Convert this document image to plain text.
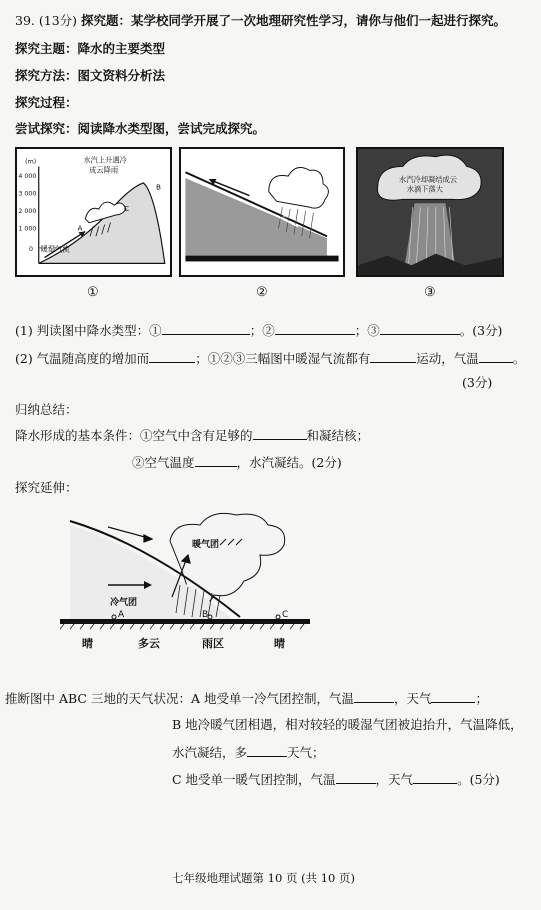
39. (13分) 探究题：某学校同学开展了一次地理研究性学习，请你与他们一起进行探究。
探究主题：降水的主要类型
探究方法：图文资料分析法
探究过程：
尝试探究：阅读降水类型图，尝试完成探究。
(m)
4 000
3 000
2 000
1 000
0
水汽上升遇冷
成云降雨
暖湿气流
A
B
C
暖气
水汽冷却凝结成云
水滴下落大
①	②	③
(1) 判读图中降水类型：①	；②	；③	。(3分)
(2) 气温随高度的增加而	；①②③三幅图中暖湿气流都有	运动，气温	。
(3分)
归纳总结：
降水形成的基本条件：①空气中含有足够的	和凝结核；
②空气温度	，水汽凝结。(2分)
探究延伸：
暖气团
冷气团
A	B	C
晴	多云	雨区	晴
推断图中 ABC 三地的天气状况：A 地受单一冷气团控制，气温	，天气	；
B 地冷暖气团相遇，相对较轻的暖湿气团被迫抬升，气温降低，
水汽凝结，多	天气；
C 地受单一暖气团控制，气温	，天气	。(5分)
七年级地理试题第 10 页 (共 10 页)
